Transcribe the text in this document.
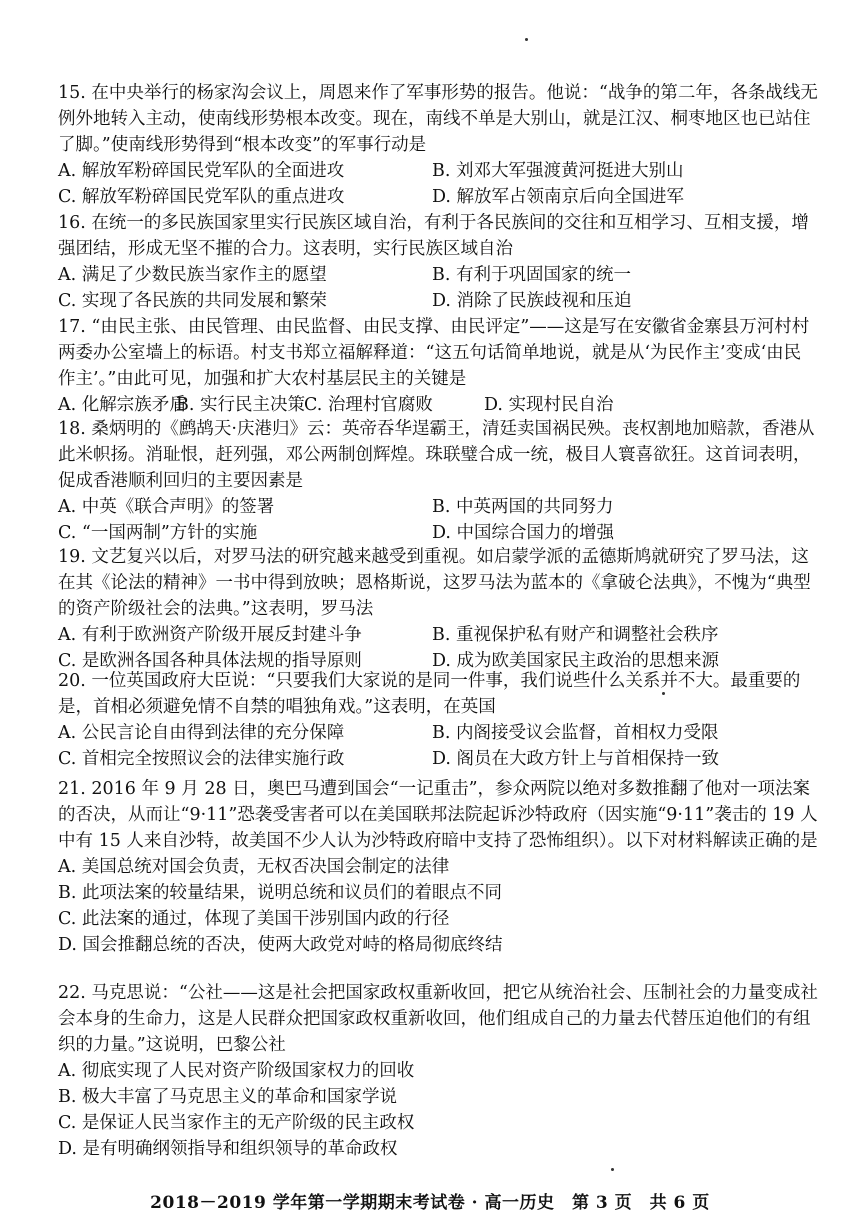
15. 在中央举行的杨家沟会议上，周恩来作了军事形势的报告。他说：“战争的第二年，各条战线无例外地转入主动，使南线形势根本改变。现在，南线不单是大别山，就是江汉、桐枣地区也已站住了脚。”使南线形势得到“根本改变”的军事行动是

A. 解放军粉碎国民党军队的全面进攻	B. 刘邓大军强渡黄河挺进大别山
C. 解放军粉碎国民党军队的重点进攻	D. 解放军占领南京后向全国进军

16. 在统一的多民族国家里实行民族区域自治，有利于各民族间的交往和互相学习、互相支援，增强团结，形成无坚不摧的合力。这表明，实行民族区域自治

A. 满足了少数民族当家作主的愿望	B. 有利于巩固国家的统一
C. 实现了各民族的共同发展和繁荣	D. 消除了民族歧视和压迫

17. “由民主张、由民管理、由民监督、由民支撑、由民评定”——这是写在安徽省金寨县万河村村两委办公室墙上的标语。村支书郑立福解释道：“这五句话简单地说，就是从‘为民作主’变成‘由民作主’。”由此可见，加强和扩大农村基层民主的关键是

A. 化解宗族矛盾
B. 实行民主决策 C. 治理村官腐败	D. 实现村民自治

18. 桑炳明的《鹧鸪天·庆港归》云：英帝吞华逞霸王，清廷卖国祸民殃。丧权割地加赔款，香港从此米帜扬。消耻恨，赶列强，邓公两制创辉煌。珠联璧合成一统，极目人寰喜欲狂。这首词表明，促成香港顺利回归的主要因素是

A. 中英《联合声明》的签署	B. 中英两国的共同努力
C. “一国两制”方针的实施	D. 中国综合国力的增强

19. 文艺复兴以后，对罗马法的研究越来越受到重视。如启蒙学派的孟德斯鸠就研究了罗马法，这在其《论法的精神》一书中得到放映；恩格斯说，这罗马法为蓝本的《拿破仑法典》，不愧为“典型的资产阶级社会的法典。”这表明，罗马法

A. 有利于欧洲资产阶级开展反封建斗争	B. 重视保护私有财产和调整社会秩序
C. 是欧洲各国各种具体法规的指导原则	D. 成为欧美国家民主政治的思想来源

20. 一位英国政府大臣说：“只要我们大家说的是同一件事，我们说些什么关系并不大。最重要的是，首相必须避免情不自禁的唱独角戏。”这表明，在英国

A. 公民言论自由得到法律的充分保障	B. 内阁接受议会监督，首相权力受限
C. 首相完全按照议会的法律实施行政	D. 阁员在大政方针上与首相保持一致

21. 2016 年 9 月 28 日，奥巴马遭到国会“一记重击”，参众两院以绝对多数推翻了他对一项法案的否决，从而让“9·11”恐袭受害者可以在美国联邦法院起诉沙特政府（因实施“9·11”袭击的 19 人中有 15 人来自沙特，故美国不少人认为沙特政府暗中支持了恐怖组织）。以下对材料解读正确的是

A. 美国总统对国会负责，无权否决国会制定的法律
B. 此项法案的较量结果，说明总统和议员们的着眼点不同
C. 此法案的通过，体现了美国干涉别国内政的行径
D. 国会推翻总统的否决，使两大政党对峙的格局彻底终结

22. 马克思说：“公社——这是社会把国家政权重新收回，把它从统治社会、压制社会的力量变成社会本身的生命力，这是人民群众把国家政权重新收回，他们组成自己的力量去代替压迫他们的有组织的力量。”这说明，巴黎公社

A. 彻底实现了人民对资产阶级国家权力的回收
B. 极大丰富了马克思主义的革命和国家学说
C. 是保证人民当家作主的无产阶级的民主政权
D. 是有明确纲领指导和组织领导的革命政权
2018－2019 学年第一学期期末考试卷 · 高一历史　第 3 页　共 6 页
